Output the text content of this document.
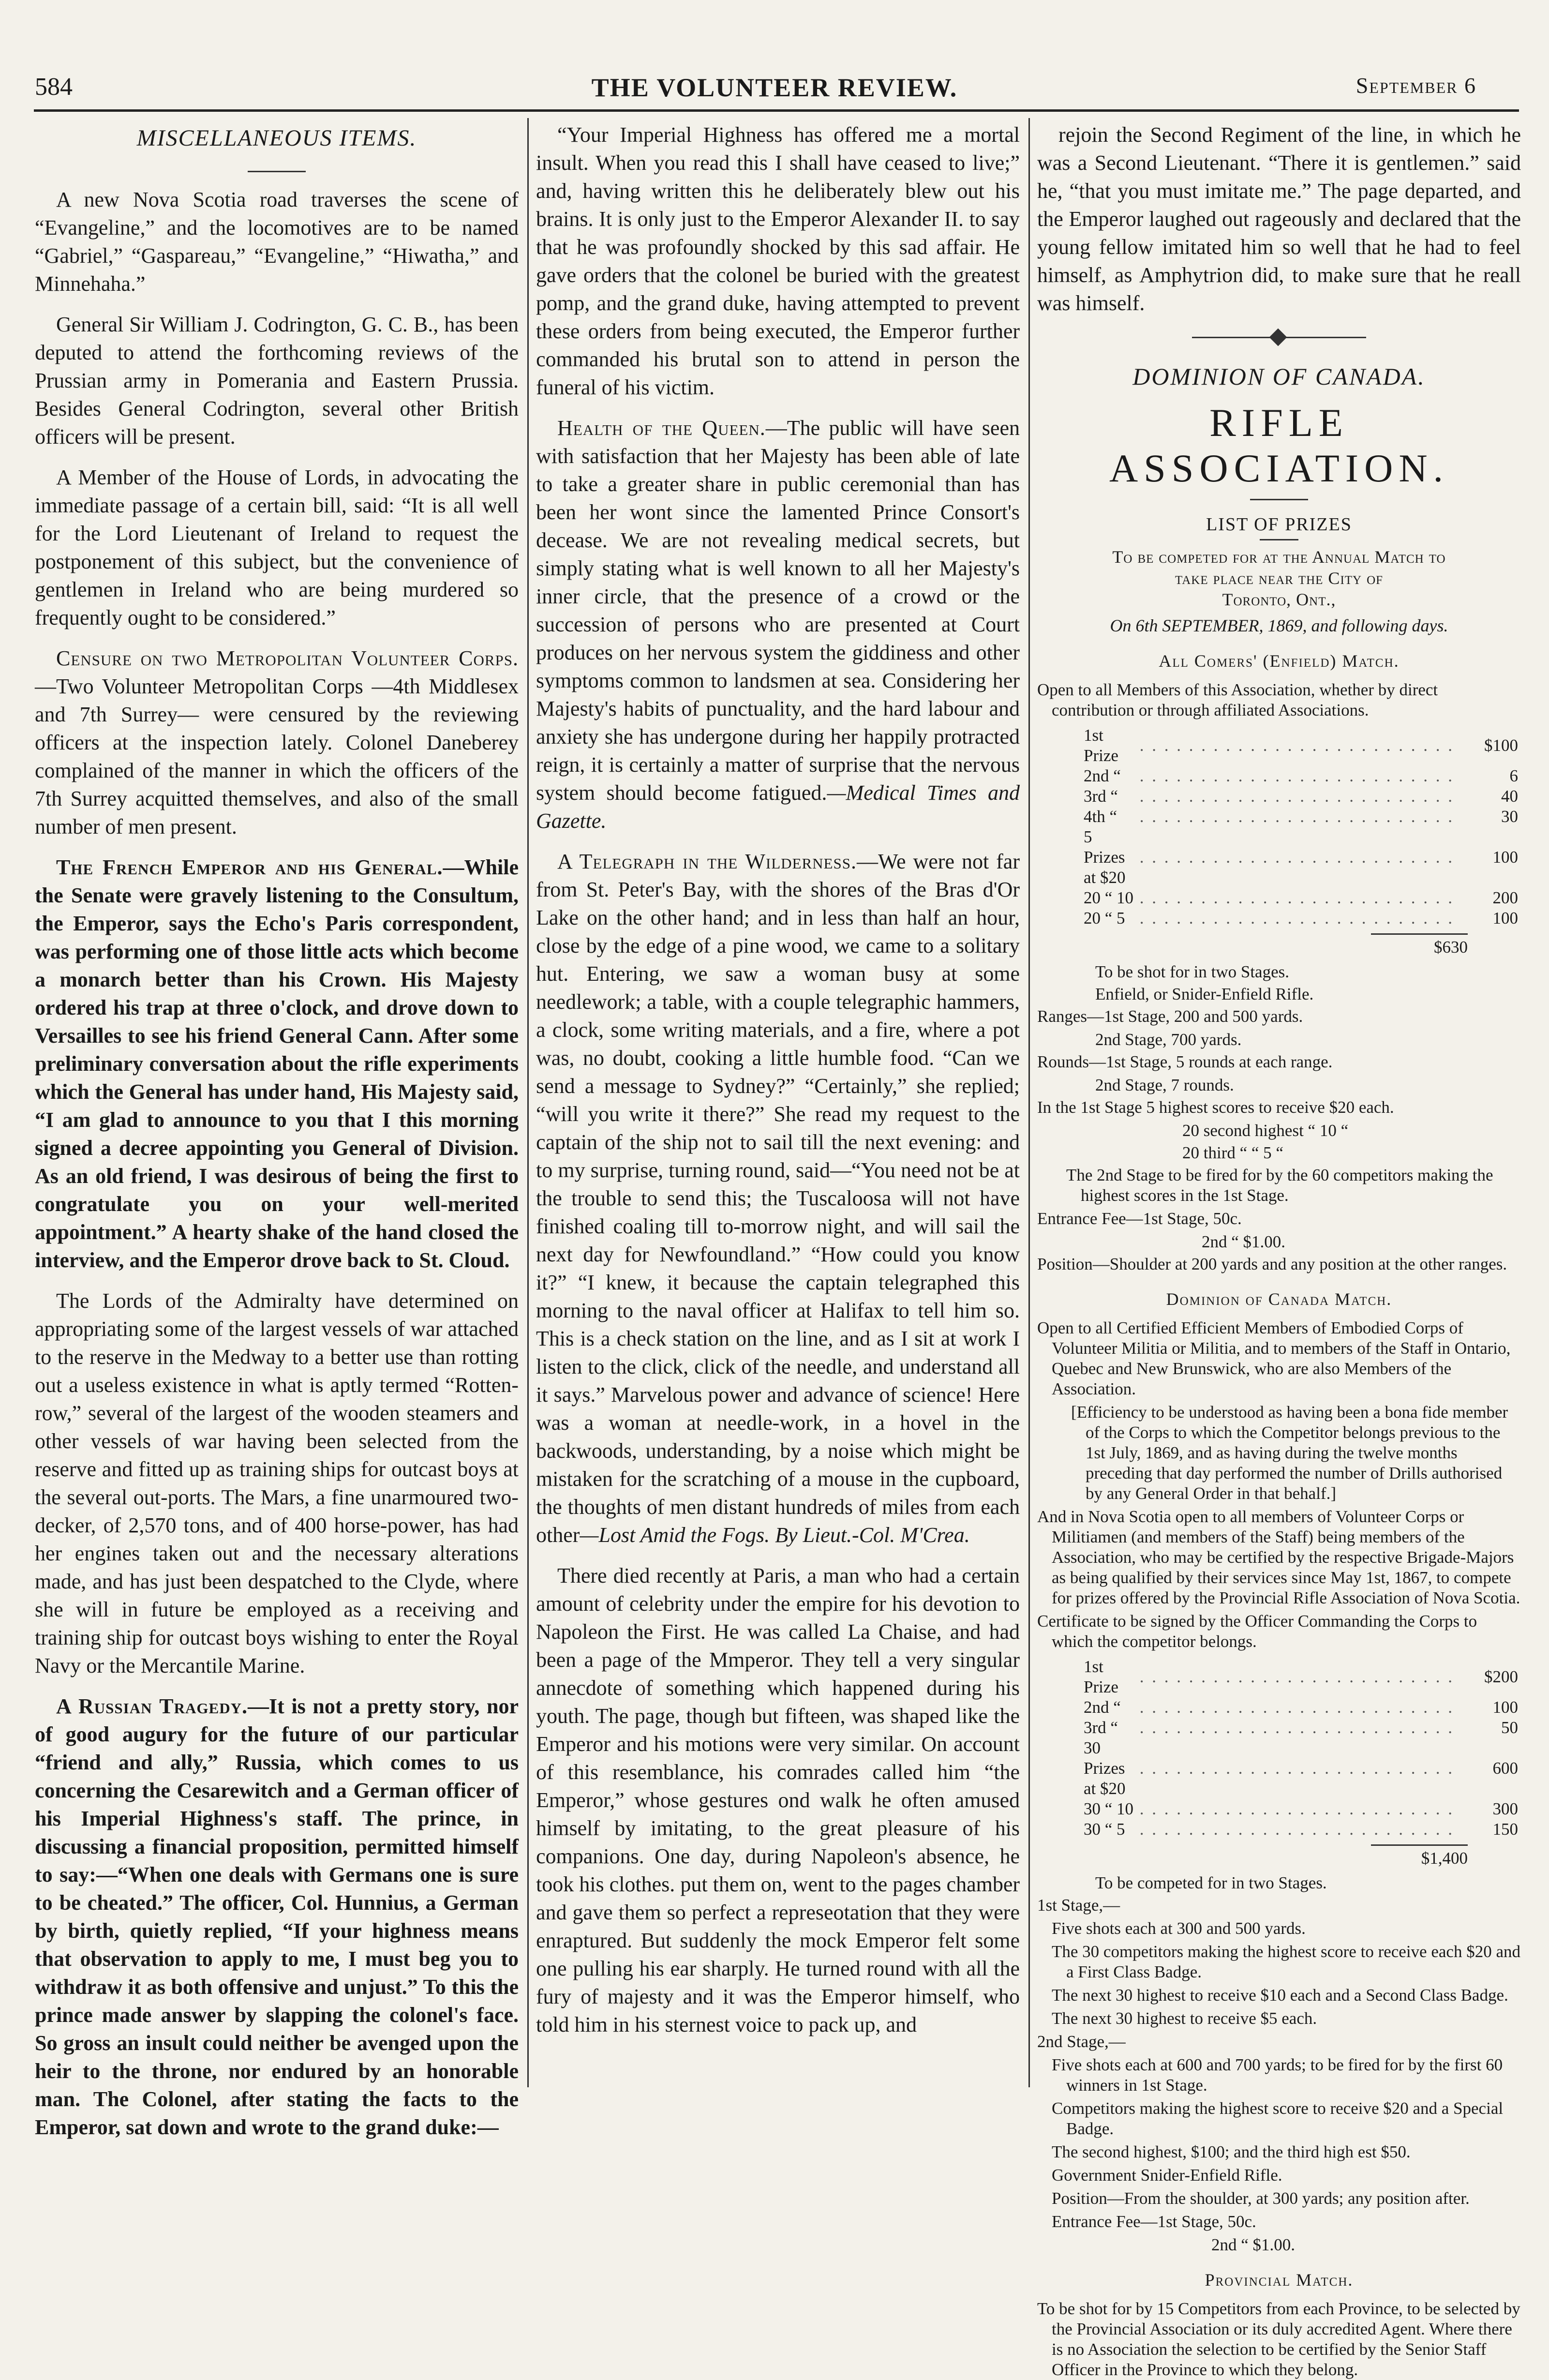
584	THE VOLUNTEER REVIEW.	September 6
MISCELLANEOUS ITEMS.

A new Nova Scotia road traverses the scene of “Evangeline,” and the locomotives are to be named “Gabriel,” “Gaspareau,” “Evangeline,” “Hiwatha,” and Minnehaha.”

General Sir William J. Codrington, G. C. B., has been deputed to attend the forthcoming reviews of the Prussian army in Pomerania and Eastern Prussia. Besides General Codrington, several other British officers will be present.

A Member of the House of Lords, in advocating the immediate passage of a certain bill, said: “It is all well for the Lord Lieutenant of Ireland to request the postponement of this subject, but the convenience of gentlemen in Ireland who are being murdered so frequently ought to be considered.”

Censure on two Metropolitan Volunteer Corps.—Two Volunteer Metropolitan Corps —4th Middlesex and 7th Surrey— were censured by the reviewing officers at the inspection lately. Colonel Daneberey complained of the manner in which the officers of the 7th Surrey acquitted themselves, and also of the small number of men present.

The French Emperor and his General.—While the Senate were gravely listening to the Consultum, the Emperor, says the Echo's Paris correspondent, was performing one of those little acts which become a monarch better than his Crown. His Majesty ordered his trap at three o'clock, and drove down to Versailles to see his friend General Cann. After some preliminary conversation about the rifle experiments which the General has under hand, His Majesty said, “I am glad to announce to you that I this morning signed a decree appointing you General of Division. As an old friend, I was desirous of being the first to congratulate you on your well-merited appointment.” A hearty shake of the hand closed the interview, and the Emperor drove back to St. Cloud.

The Lords of the Admiralty have determined on appropriating some of the largest vessels of war attached to the reserve in the Medway to a better use than rotting out a useless existence in what is aptly termed “Rotten-row,” several of the largest of the wooden steamers and other vessels of war having been selected from the reserve and fitted up as training ships for outcast boys at the several out-ports. The Mars, a fine unarmoured two-decker, of 2,570 tons, and of 400 horse-power, has had her engines taken out and the necessary alterations made, and has just been despatched to the Clyde, where she will in future be employed as a receiving and training ship for outcast boys wishing to enter the Royal Navy or the Mercantile Marine.

A Russian Tragedy.—It is not a pretty story, nor of good augury for the future of our particular “friend and ally,” Russia, which comes to us concerning the Cesarewitch and a German officer of his Imperial Highness's staff. The prince, in discussing a financial proposition, permitted himself to say:—“When one deals with Germans one is sure to be cheated.” The officer, Col. Hunnius, a German by birth, quietly replied, “If your highness means that observation to apply to me, I must beg you to withdraw it as both offensive and unjust.” To this the prince made answer by slapping the colonel's face. So gross an insult could neither be avenged upon the heir to the throne, nor endured by an honorable man. The Colonel, after stating the facts to the Emperor, sat down and wrote to the grand duke:—

“Your Imperial Highness has offered me a mortal insult. When you read this I shall have ceased to live;” and, having written this he deliberately blew out his brains. It is only just to the Emperor Alexander II. to say that he was profoundly shocked by this sad affair. He gave orders that the colonel be buried with the greatest pomp, and the grand duke, having attempted to prevent these orders from being executed, the Emperor further commanded his brutal son to attend in person the funeral of his victim.

Health of the Queen.—The public will have seen with satisfaction that her Majesty has been able of late to take a greater share in public ceremonial than has been her wont since the lamented Prince Consort's decease. We are not revealing medical secrets, but simply stating what is well known to all her Majesty's inner circle, that the presence of a crowd or the succession of persons who are presented at Court produces on her nervous system the giddiness and other symptoms common to landsmen at sea. Considering her Majesty's habits of punctuality, and the hard labour and anxiety she has undergone during her happily protracted reign, it is certainly a matter of surprise that the nervous system should become fatigued.—Medical Times and Gazette.

A Telegraph in the Wilderness.—We were not far from St. Peter's Bay, with the shores of the Bras d'Or Lake on the other hand; and in less than half an hour, close by the edge of a pine wood, we came to a solitary hut. Entering, we saw a woman busy at some needlework; a table, with a couple telegraphic hammers, a clock, some writing materials, and a fire, where a pot was, no doubt, cooking a little humble food. “Can we send a message to Sydney?” “Certainly,” she replied; “will you write it there?” She read my request to the captain of the ship not to sail till the next evening: and to my surprise, turning round, said—“You need not be at the trouble to send this; the Tuscaloosa will not have finished coaling till to-morrow night, and will sail the next day for Newfoundland.” “How could you know it?” “I knew, it because the captain telegraphed this morning to the naval officer at Halifax to tell him so. This is a check station on the line, and as I sit at work I listen to the click, click of the needle, and understand all it says.” Marvelous power and advance of science! Here was a woman at needle-work, in a hovel in the backwoods, understanding, by a noise which might be mistaken for the scratching of a mouse in the cupboard, the thoughts of men distant hundreds of miles from each other—Lost Amid the Fogs. By Lieut.-Col. M'Crea.

There died recently at Paris, a man who had a certain amount of celebrity under the empire for his devotion to Napoleon the First. He was called La Chaise, and had been a page of the Mmperor. They tell a very singular annecdote of something which happened during his youth. The page, though but fifteen, was shaped like the Emperor and his motions were very similar. On account of this resemblance, his comrades called him “the Emperor,” whose gestures ond walk he often amused himself by imitating, to the great pleasure of his companions. One day, during Napoleon's absence, he took his clothes. put them on, went to the pages chamber and gave them so perfect a represeotation that they were enraptured. But suddenly the mock Emperor felt some one pulling his ear sharply. He turned round with all the fury of majesty and it was the Emperor himself, who told him in his sternest voice to pack up, and

rejoin the Second Regiment of the line, in which he was a Second Lieutenant. “There it is gentlemen.” said he, “that you must imitate me.” The page departed, and the Emperor laughed out rageously and declared that the young fellow imitated him so well that he had to feel himself, as Amphytrion did, to make sure that he reall was himself.

DOMINION OF CANADA.
RIFLE ASSOCIATION.
LIST OF PRIZES
To be competed for at the Annual Match to
take place near the City of
Toronto, Ont.,
On 6th SEPTEMBER, 1869, and following days.
All Comers' (Enfield) Match.
Open to all Members of this Association, whether by direct contribution or through affiliated Associations.
1st Prize	. . . . . . . . . . . . . . . . . . . . . . . . . .	$100
2nd “	. . . . . . . . . . . . . . . . . . . . . . . . . .	6
3rd “	. . . . . . . . . . . . . . . . . . . . . . . . . .	40
4th “	. . . . . . . . . . . . . . . . . . . . . . . . . .	30
5 Prizes at $20	. . . . . . . . . . . . . . . . . . . . . . . . . .	100
20 “ 10	. . . . . . . . . . . . . . . . . . . . . . . . . .	200
20 “ 5	. . . . . . . . . . . . . . . . . . . . . . . . . .	100
$630
To be shot for in two Stages.
Enfield, or Snider-Enfield Rifle.
Ranges—1st Stage, 200 and 500 yards.
2nd Stage, 700 yards.
Rounds—1st Stage, 5 rounds at each range.
2nd Stage, 7 rounds.
In the 1st Stage 5 highest scores to receive $20 each.
20 second highest “ 10 “
20 third “ “ 5 “
The 2nd Stage to be fired for by the 60 competitors making the highest scores in the 1st Stage.
Entrance Fee—1st Stage, 50c.
2nd “ $1.00.
Position—Shoulder at 200 yards and any position at the other ranges.
Dominion of Canada Match.
Open to all Certified Efficient Members of Embodied Corps of Volunteer Militia or Militia, and to members of the Staff in Ontario, Quebec and New Brunswick, who are also Members of the Association.
[Efficiency to be understood as having been a bona fide member of the Corps to which the Competitor belongs previous to the 1st July, 1869, and as having during the twelve months preceding that day performed the number of Drills authorised by any General Order in that behalf.]
And in Nova Scotia open to all members of Volunteer Corps or Militiamen (and members of the Staff) being members of the Association, who may be certified by the respective Brigade-Majors as being qualified by their services since May 1st, 1867, to compete for prizes offered by the Provincial Rifle Association of Nova Scotia.
Certificate to be signed by the Officer Commanding the Corps to which the competitor belongs.
1st Prize	. . . . . . . . . . . . . . . . . . . . . . . . . .	$200
2nd “	. . . . . . . . . . . . . . . . . . . . . . . . . .	100
3rd “	. . . . . . . . . . . . . . . . . . . . . . . . . .	50
30 Prizes at $20	. . . . . . . . . . . . . . . . . . . . . . . . . .	600
30 “ 10	. . . . . . . . . . . . . . . . . . . . . . . . . .	300
30 “ 5	. . . . . . . . . . . . . . . . . . . . . . . . . .	150
$1,400
To be competed for in two Stages.
1st Stage,—
Five shots each at 300 and 500 yards.
The 30 competitors making the highest score to receive each $20 and a First Class Badge.
The next 30 highest to receive $10 each and a Second Class Badge.
The next 30 highest to receive $5 each.
2nd Stage,—
Five shots each at 600 and 700 yards; to be fired for by the first 60 winners in 1st Stage.
Competitors making the highest score to receive $20 and a Special Badge.
The second highest, $100; and the third high est $50.
Government Snider-Enfield Rifle.
Position—From the shoulder, at 300 yards; any position after.
Entrance Fee—1st Stage, 50c.
2nd “ $1.00.
Provincial Match.
To be shot for by 15 Competitors from each Province, to be selected by the Provincial Association or its duly accredited Agent. Where there is no Association the selection to be certified by the Senior Staff Officer in the Province to which they belong.
